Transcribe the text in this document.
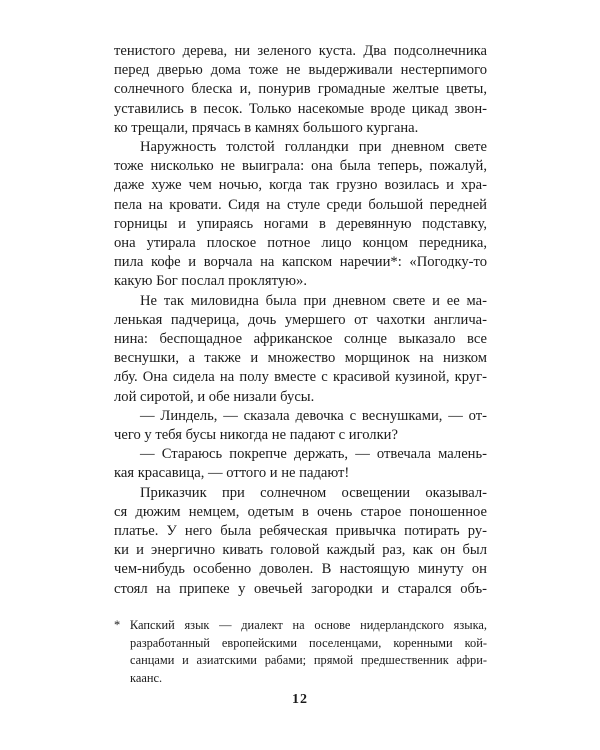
тенистого дерева, ни зеленого куста. Два подсолнечника
перед дверью дома тоже не выдерживали нестерпимого
солнечного блеска и, понурив громадные желтые цветы,
уставились в песок. Только насекомые вроде цикад звон-
ко трещали, прячась в камнях большого кургана.
Наружность толстой голландки при дневном свете
тоже нисколько не выиграла: она была теперь, пожалуй,
даже хуже чем ночью, когда так грузно возилась и хра-
пела на кровати. Сидя на стуле среди большой передней
горницы и упираясь ногами в деревянную подставку,
она утирала плоское потное лицо концом передника,
пила кофе и ворчала на капском наречии*: «Погодку-то
какую Бог послал проклятую».
Не так миловидна была при дневном свете и ее ма-
ленькая падчерица, дочь умершего от чахотки англича-
нина: беспощадное африканское солнце выказало все
веснушки, а также и множество морщинок на низком
лбу. Она сидела на полу вместе с красивой кузиной, круг-
лой сиротой, и обе низали бусы.
— Линдель, — сказала девочка с веснушками, — от-
чего у тебя бусы никогда не падают с иголки?
— Стараюсь покрепче держать, — отвечала малень-
кая красавица, — оттого и не падают!
Приказчик при солнечном освещении оказывал-
ся дюжим немцем, одетым в очень старое поношенное
платье. У него была ребяческая привычка потирать ру-
ки и энергично кивать головой каждый раз, как он был
чем-нибудь особенно доволен. В настоящую минуту он
стоял на припеке у овечьей загородки и старался объ-
* Капский язык — диалект на основе нидерландского языка,
разработанный европейскими поселенцами, коренными кой-
санцами и азиатскими рабами; прямой предшественник афри-
каанс.
12
